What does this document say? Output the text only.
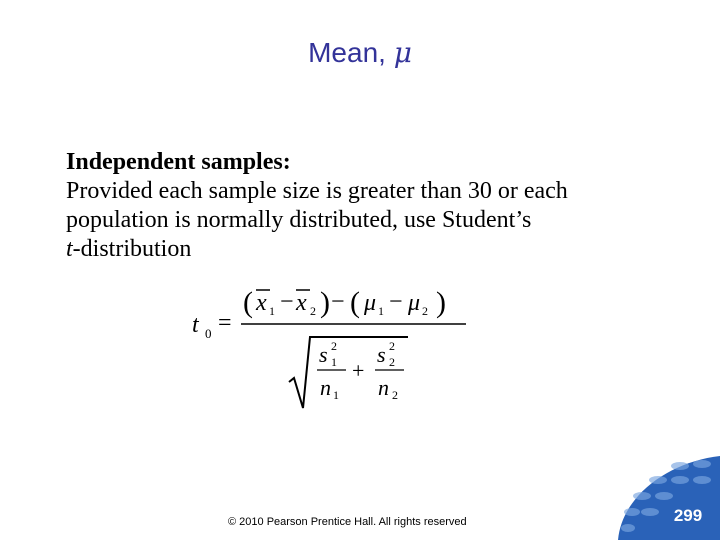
Mean, μ
Independent samples:
Provided each sample size is greater than 30 or each
population is normally distributed, use Student’s
t-distribution
t 0 =
( x 1 − x 2 ) − ( μ 1 − μ 2 )
s 1
2
n 1
+
s 2
2
n 2
© 2010 Pearson Prentice Hall. All rights reserved	299
